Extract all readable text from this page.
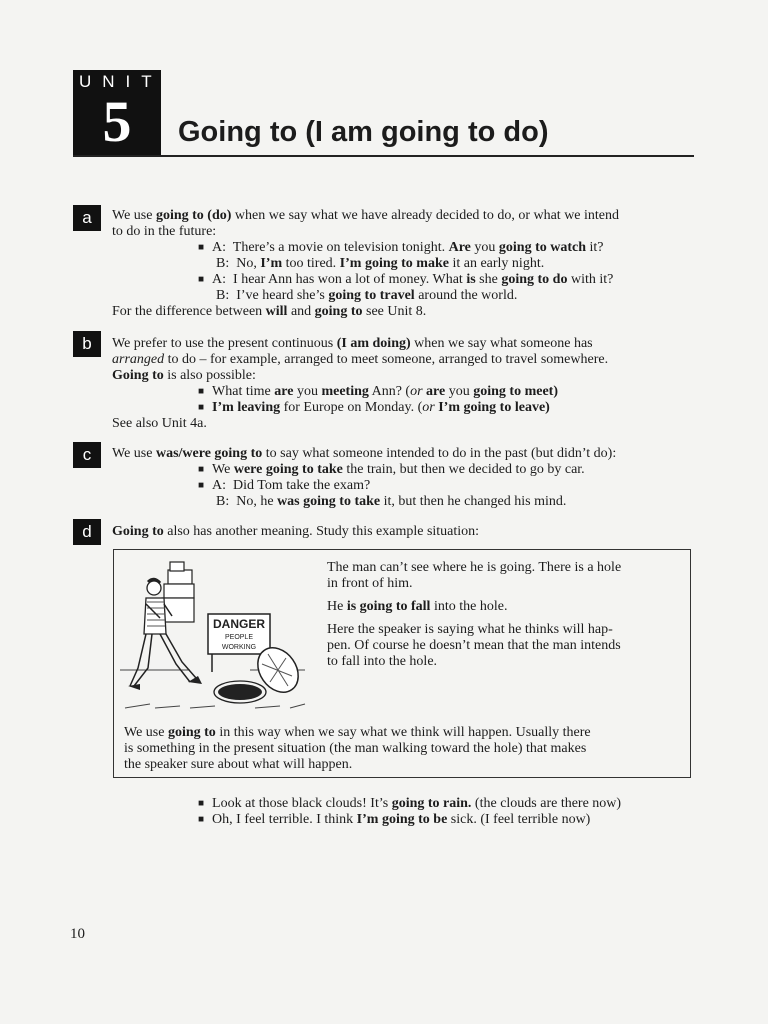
UNIT
5	Going to (I am going to do)
a	We use going to (do) when we say what we have already decided to do, or what we intend
to do in the future:
■ A:  There’s a movie on television tonight. Are you going to watch it?
B:  No, I’m too tired. I’m going to make it an early night.
■ A:  I hear Ann has won a lot of money. What is she going to do with it?
B:  I’ve heard she’s going to travel around the world.
For the difference between will and going to see Unit 8.
b	We prefer to use the present continuous (I am doing) when we say what someone has
arranged to do – for example, arranged to meet someone, arranged to travel somewhere.
Going to is also possible:
■ What time are you meeting Ann? (or are you going to meet)
■ I’m leaving for Europe on Monday. (or I’m going to leave)
See also Unit 4a.
c	We use was/were going to to say what someone intended to do in the past (but didn’t do):
■ We were going to take the train, but then we decided to go by car.
■ A:  Did Tom take the exam?
B:  No, he was going to take it, but then he changed his mind.
d	Going to also has another meaning. Study this example situation:
DANGER
PEOPLE
WORKING
The man can’t see where he is going. There is a hole
in front of him.
He is going to fall into the hole.
Here the speaker is saying what he thinks will hap-
pen. Of course he doesn’t mean that the man intends
to fall into the hole.
We use going to in this way when we say what we think will happen. Usually there
is something in the present situation (the man walking toward the hole) that makes
the speaker sure about what will happen.
■ Look at those black clouds! It’s going to rain. (the clouds are there now)
■ Oh, I feel terrible. I think I’m going to be sick. (I feel terrible now)
10
